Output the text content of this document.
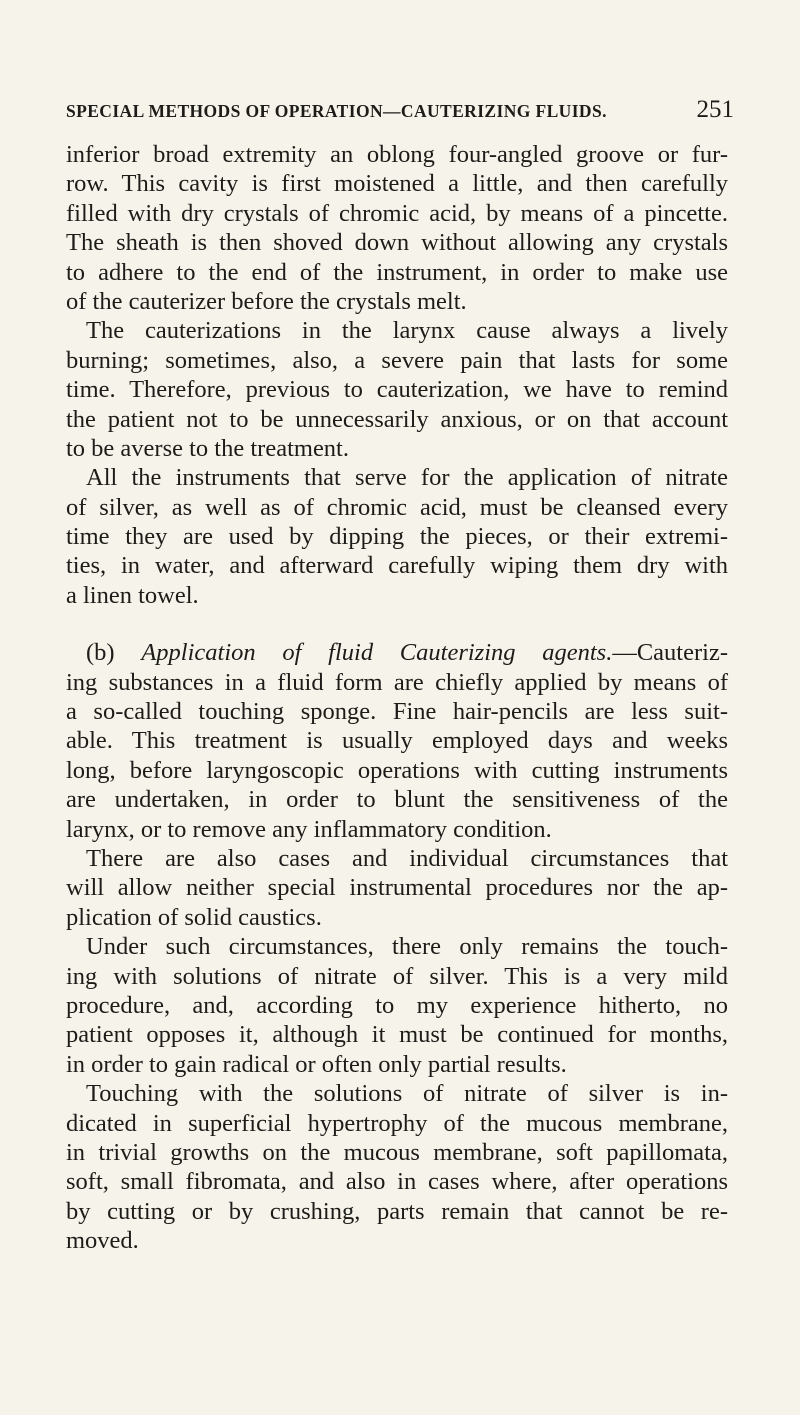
SPECIAL METHODS OF OPERATION—CAUTERIZING FLUIDS.	251
inferior broad extremity an oblong four-angled groove or fur-
row. This cavity is first moistened a little, and then carefully
filled with dry crystals of chromic acid, by means of a pincette.
The sheath is then shoved down without allowing any crystals
to adhere to the end of the instrument, in order to make use
of the cauterizer before the crystals melt.
The cauterizations in the larynx cause always a lively
burning; sometimes, also, a severe pain that lasts for some
time. Therefore, previous to cauterization, we have to remind
the patient not to be unnecessarily anxious, or on that account
to be averse to the treatment.
All the instruments that serve for the application of nitrate
of silver, as well as of chromic acid, must be cleansed every
time they are used by dipping the pieces, or their extremi-
ties, in water, and afterward carefully wiping them dry with
a linen towel.
(b) Application of fluid Cauterizing agents.—Cauteriz-
ing substances in a fluid form are chiefly applied by means of
a so-called touching sponge. Fine hair-pencils are less suit-
able. This treatment is usually employed days and weeks
long, before laryngoscopic operations with cutting instruments
are undertaken, in order to blunt the sensitiveness of the
larynx, or to remove any inflammatory condition.
There are also cases and individual circumstances that
will allow neither special instrumental procedures nor the ap-
plication of solid caustics.
Under such circumstances, there only remains the touch-
ing with solutions of nitrate of silver. This is a very mild
procedure, and, according to my experience hitherto, no
patient opposes it, although it must be continued for months,
in order to gain radical or often only partial results.
Touching with the solutions of nitrate of silver is in-
dicated in superficial hypertrophy of the mucous membrane,
in trivial growths on the mucous membrane, soft papillomata,
soft, small fibromata, and also in cases where, after operations
by cutting or by crushing, parts remain that cannot be re-
moved.
